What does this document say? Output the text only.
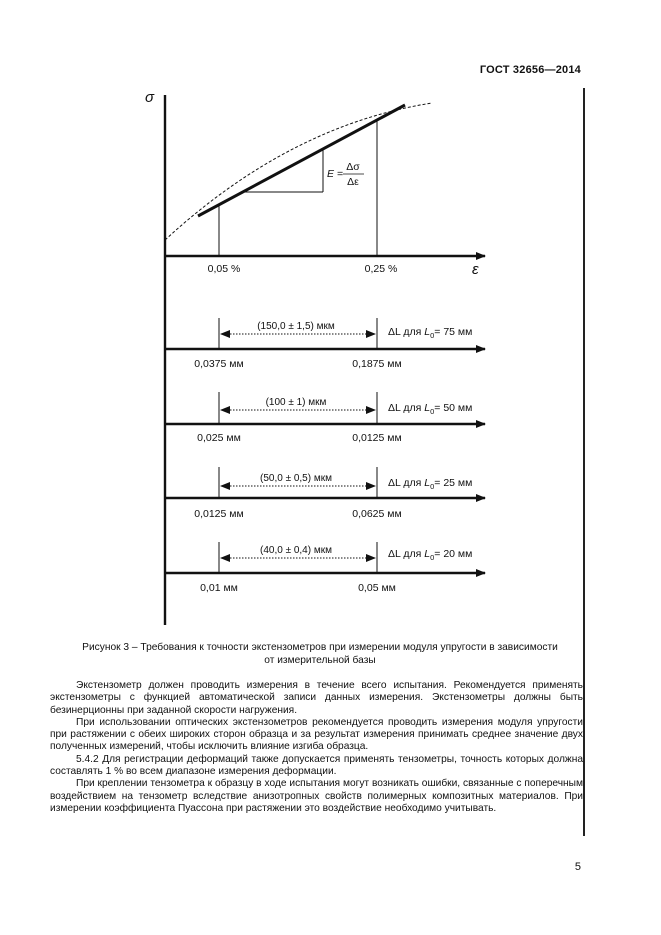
ГОСТ 32656—2014
σ
ε
E =
Δσ
Δε
0,05 %	0,25 %
(150,0 ± 1,5) мкм	ΔL для $L_0= 75$ мм
0,0375 мм	0,1875 мм
(100 ± 1) мкм	ΔL для $L_0= 50$ мм
0,025 мм	0,0125 мм
(50,0 ± 0,5) мкм	ΔL для $L_0= 25$ мм
0,0125 мм	0,0625 мм
(40,0 ± 0,4) мкм	ΔL для $L_0= 20$ мм
0,01 мм	0,05 мм
Рисунок 3 – Требования к точности экстензометров при измерении модуля упругости в зависимости
от измерительной базы

Экстензометр должен проводить измерения в течение всего испытания. Рекомендуется применять экстензометры с функцией автоматической записи данных измерения. Экстензометры должны быть безинерционны при заданной скорости нагружения.

При использовании оптических экстензометров рекомендуется проводить измерения модуля упругости при растяжении с обеих широких сторон образца и за результат измерения принимать среднее значение двух полученных измерений, чтобы исключить влияние изгиба образца.

5.4.2 Для регистрации деформаций также допускается применять тензометры, точность которых должна составлять 1 % во всем диапазоне измерения деформации.

При креплении тензометра к образцу в ходе испытания могут возникать ошибки, связанные с поперечным воздействием на тензометр вследствие анизотропных свойств полимерных композитных материалов. При измерении коэффициента Пуассона при растяжении это воздействие необходимо учитывать.

5
